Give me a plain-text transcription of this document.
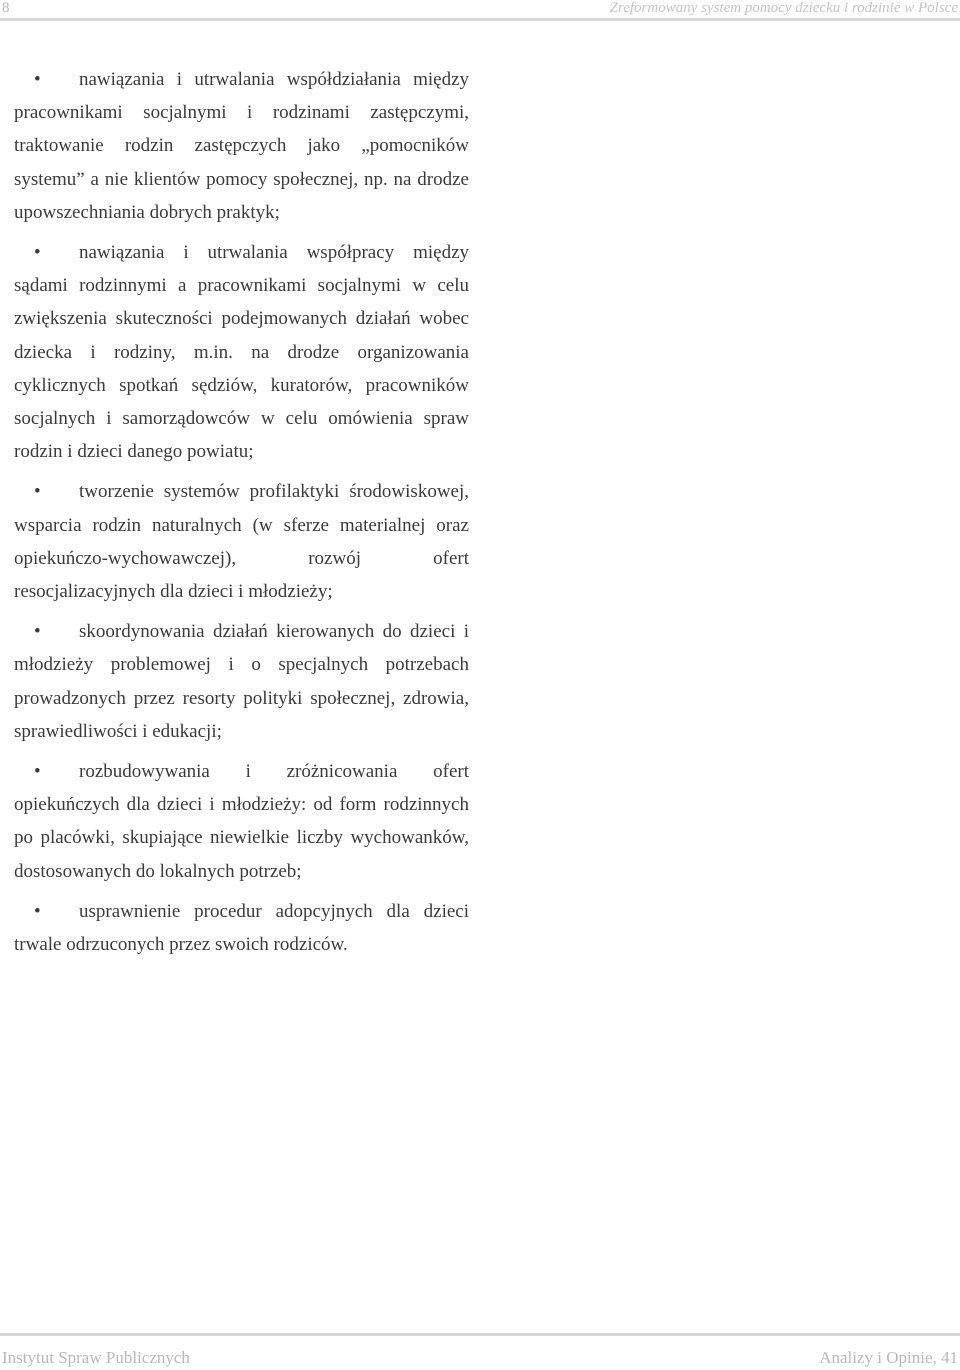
8	Zreformowany system pomocy dziecku i rodzinie w Polsce

• nawiązania i utrwalania współdziałania między pracownikami socjalnymi i rodzinami zastępczymi, traktowanie rodzin zastępczych jako „pomocników systemu” a nie klientów pomocy społecznej, np. na drodze upowszechniania dobrych praktyk;

• nawiązania i utrwalania współpracy między sądami rodzinnymi a pracownikami socjalnymi w celu zwiększenia skuteczności podejmowanych działań wobec dziecka i rodziny, m.in. na drodze organizowania cyklicznych spotkań sędziów, kuratorów, pracowników socjalnych i samorządowców w celu omówienia spraw rodzin i dzieci danego powiatu;

• tworzenie systemów profilaktyki środowiskowej, wsparcia rodzin naturalnych (w sferze materialnej oraz opiekuńczo-wychowawczej), rozwój ofert resocjalizacyjnych dla dzieci i młodzieży;

• skoordynowania działań kierowanych do dzieci i młodzieży problemowej i o specjalnych potrzebach prowadzonych przez resorty polityki społecznej, zdrowia, sprawiedliwości i edukacji;

• rozbudowywania i zróżnicowania ofert opiekuńczych dla dzieci i młodzieży: od form rodzinnych po placówki, skupiające niewielkie liczby wychowanków, dostosowanych do lokalnych potrzeb;

• usprawnienie procedur adopcyjnych dla dzieci trwale odrzuconych przez swoich rodziców.

Instytut Spraw Publicznych	Analizy i Opinie, 41
